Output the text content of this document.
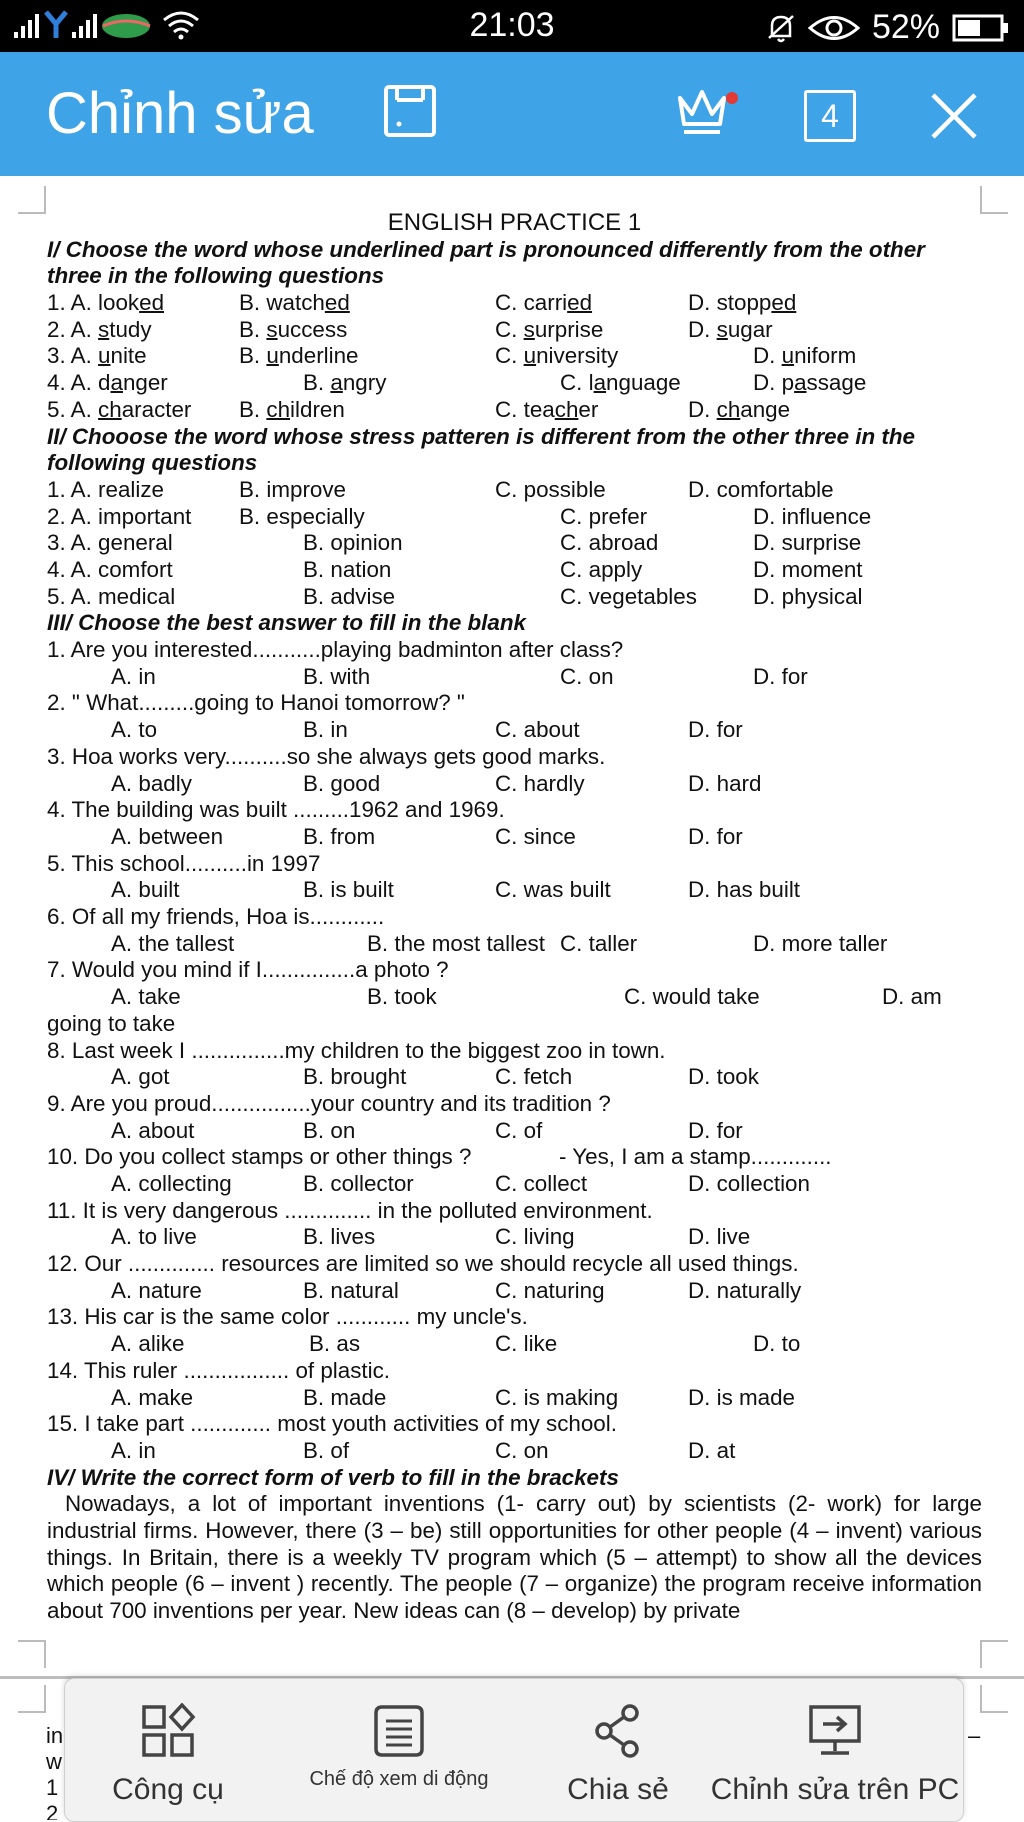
21:03	52%
Chỉnh sửa	4

ENGLISH PRACTICE 1

I/ Choose the word whose underlined part is pronounced differently from the other three in the following questions

1. A. looked	B. watched	C. carried	D. stopped
2. A. study	B. success	C. surprise	D. sugar
3. A. unite	B. underline	C. university	D. uniform
4. A. danger	B. angry	C. language	D. passage
5. A. character B. children	C. teacher	D. change

II/ Chooose the word whose stress patteren is different from the other three in the following questions

1. A. realize	B. improve	C. possible	D. comfortable
2. A. important B. especially	C. prefer	D. influence
3. A. general	B. opinion	C. abroad	D. surprise
4. A. comfort	B. nation	C. apply	D. moment
5. A. medical	B. advise	C. vegetables	D. physical

III/ Choose the best answer to fill in the blank

1. Are you interested...........playing badminton after class?

A. in	B. with	C. on	D. for

2. " What.........going to Hanoi tomorrow? "

A. to	B. in	C. about	D. for

3. Hoa works very..........so she always gets good marks.

A. badly	B. good	C. hardly	D. hard

4. The building was built .........1962 and 1969.

A. between	B. from	C. since	D. for

5. This school..........in 1997

A. built	B. is built	C. was built	D. has built

6. Of all my friends, Hoa is............

A. the tallest	B. the most tallest C. taller	D. more taller

7. Would you mind if I...............a photo ?

A. take	B. took	C. would take	D. am

going to take

8. Last week I ...............my children to the biggest zoo in town.

A. got	B. brought	C. fetch	D. took

9. Are you proud................your country and its tradition ?

A. about	B. on	C. of	D. for
10. Do you collect stamps or other things ?	- Yes, I am a stamp.............
A. collecting	B. collector	C. collect	D. collection

11. It is very dangerous .............. in the polluted environment.

A. to live	B. lives	C. living	D. live

12. Our .............. resources are limited so we should recycle all used things.

A. nature	B. natural	C. naturing	D. naturally

13. His car is the same color ............ my uncle's.

A. alike	B. as	C. like	D. to

14. This ruler ................. of plastic.

A. make	B. made	C. is making	D. is made

15. I take part ............. most youth activities of my school.

A. in	B. of	C. on	D. at

IV/ Write the correct form of verb to fill in the brackets

Nowadays, a lot of important inventions (1- carry out) by scientists (2- work) for large industrial firms. However, there (3 – be) still opportunities for other people (4 – invent) various things. In Britain, there is a weekly TV program which (5 – attempt) to show all the devices which people (6 – invent ) recently. The people (7 – organize) the program receive information about 700 inventions per year. New ideas can (8 – develop) by private

in
w
1
2
–
Công cụ	Chế độ xem di động	Chia sẻ Chỉnh sửa trên PC
